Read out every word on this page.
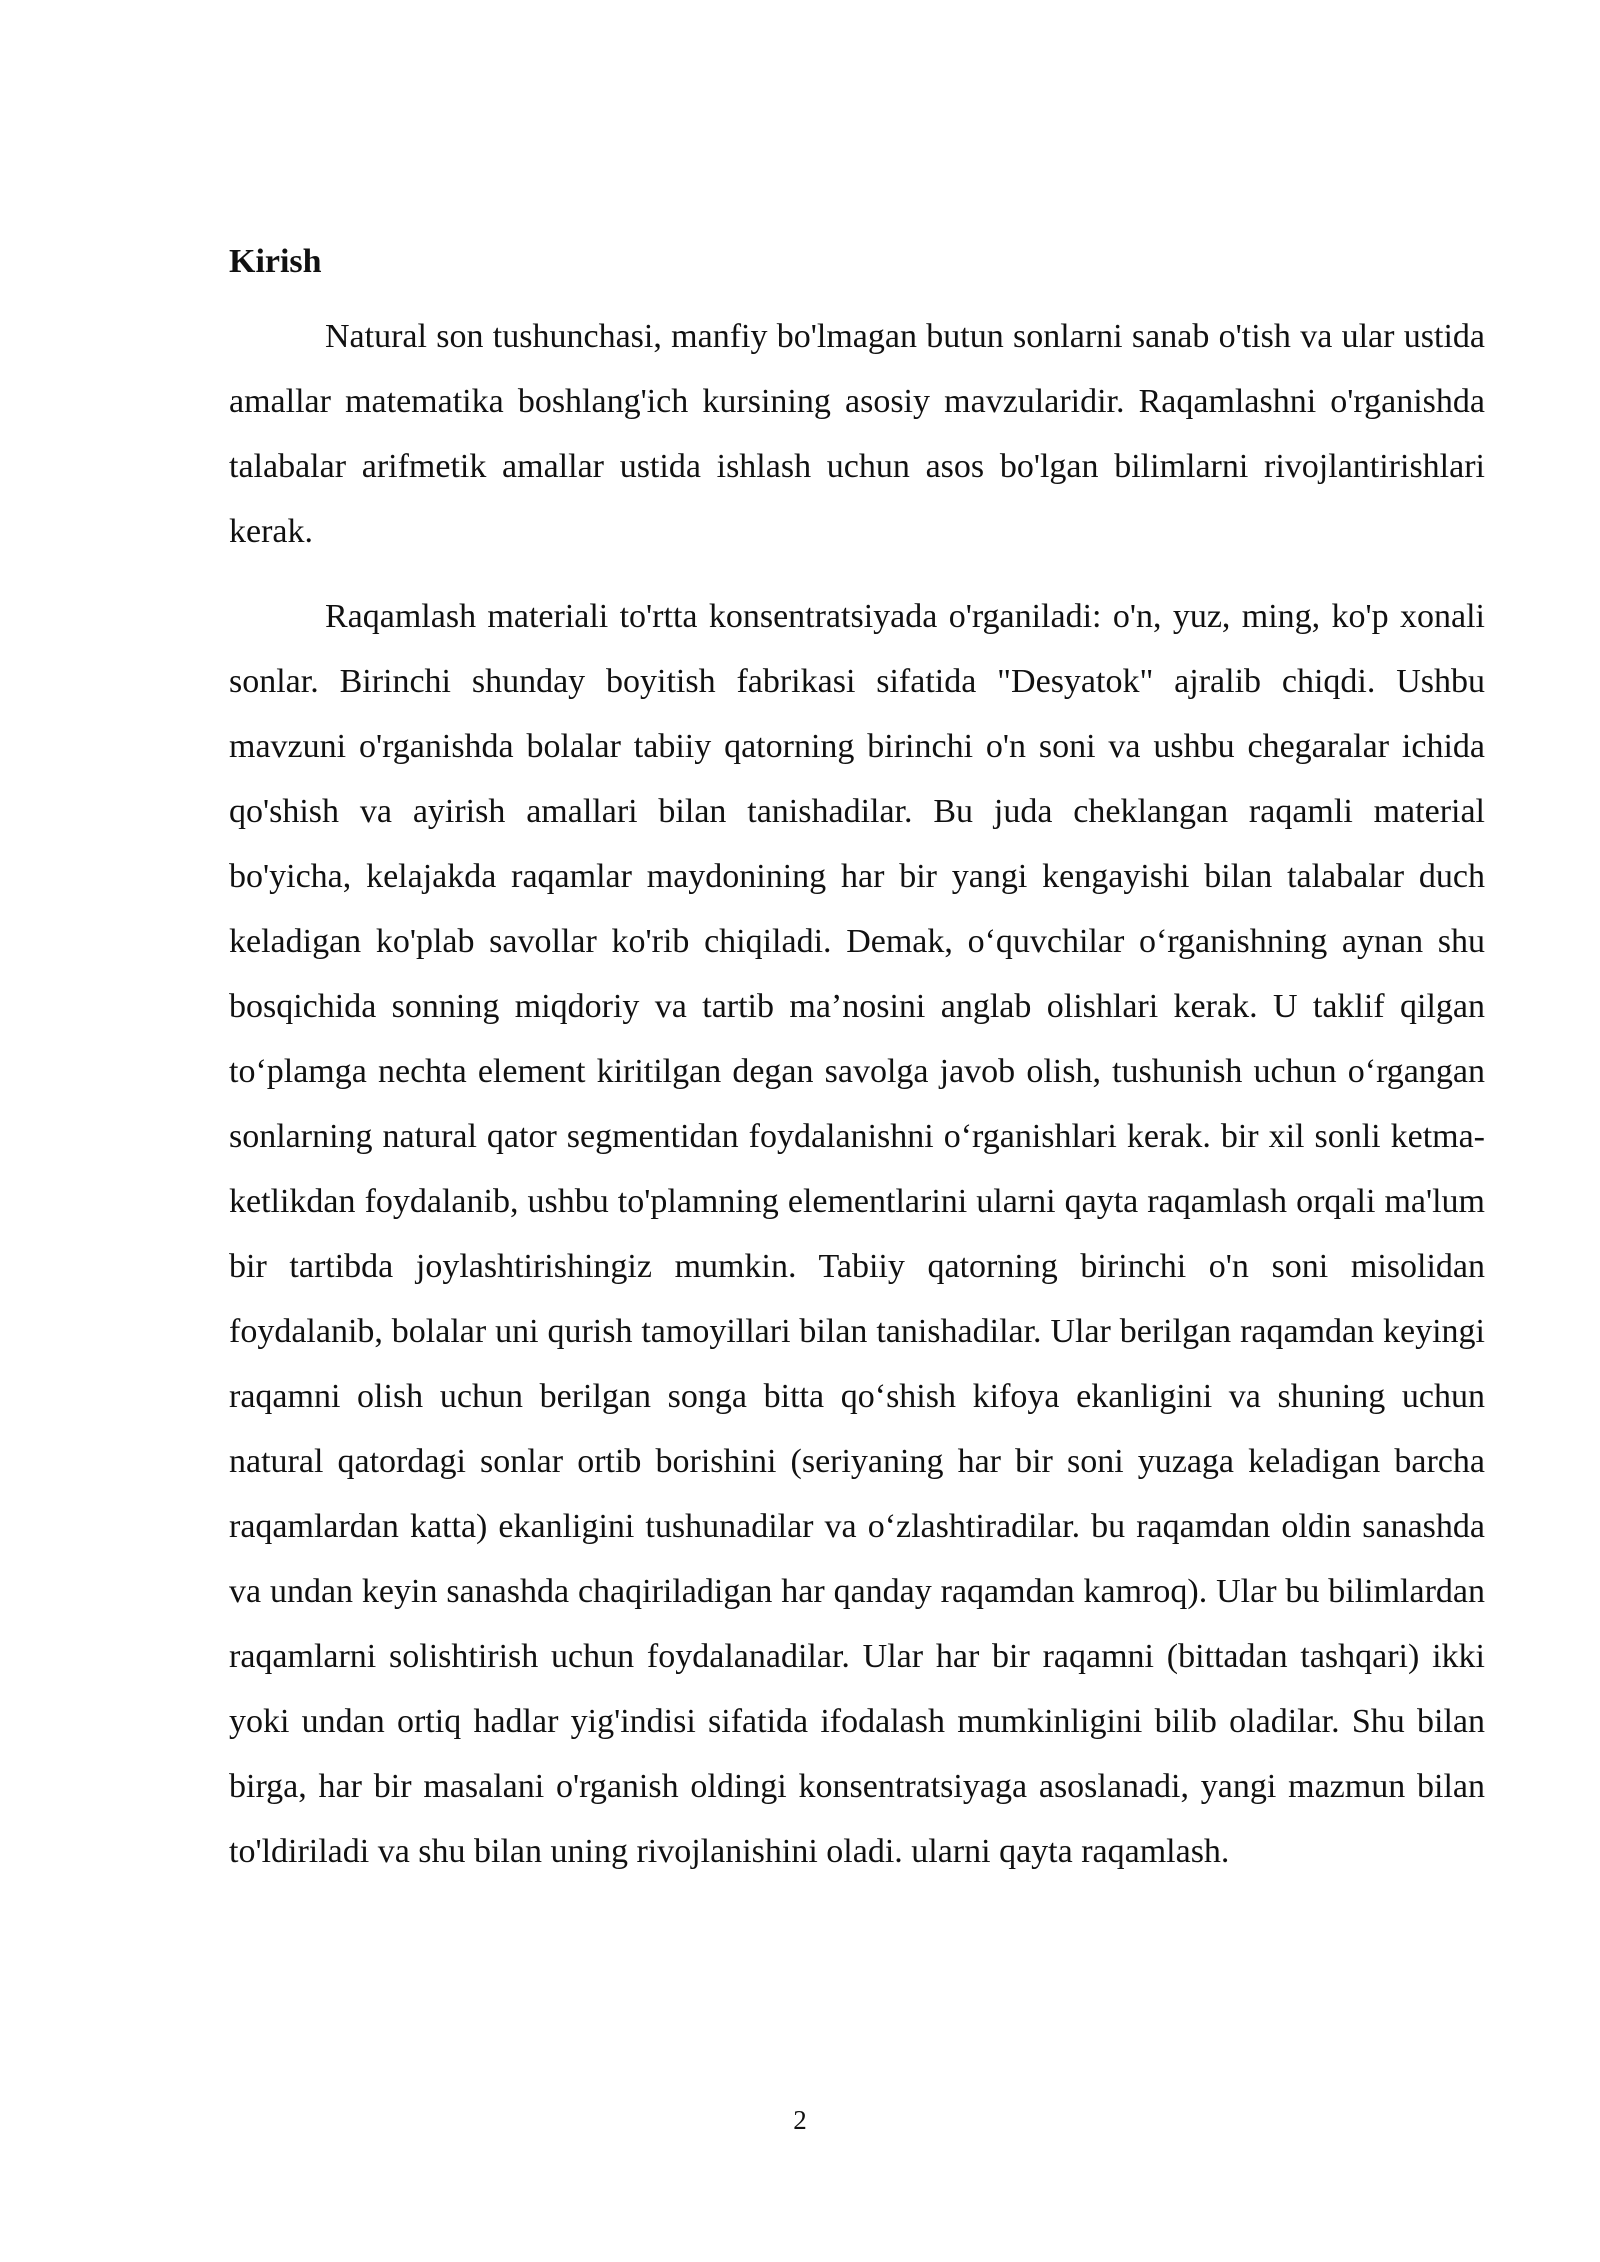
Kirish

Natural son tushunchasi, manfiy bo'lmagan butun sonlarni sanab o'tish va ular ustida amallar matematika boshlang'ich kursining asosiy mavzularidir. Raqamlashni o'rganishda talabalar arifmetik amallar ustida ishlash uchun asos bo'lgan bilimlarni rivojlantirishlari kerak.

Raqamlash materiali to'rtta konsentratsiyada o'rganiladi: o'n, yuz, ming, ko'p xonali sonlar. Birinchi shunday boyitish fabrikasi sifatida "Desyatok" ajralib chiqdi. Ushbu mavzuni o'rganishda bolalar tabiiy qatorning birinchi o'n soni va ushbu chegaralar ichida qo'shish va ayirish amallari bilan tanishadilar. Bu juda cheklangan raqamli material bo'yicha, kelajakda raqamlar maydonining har bir yangi kengayishi bilan talabalar duch keladigan ko'plab savollar ko'rib chiqiladi. Demak, o‘quvchilar o‘rganishning aynan shu bosqichida sonning miqdoriy va tartib ma’nosini anglab olishlari kerak. U taklif qilgan to‘plamga nechta element kiritilgan degan savolga javob olish, tushunish uchun o‘rgangan sonlarning natural qator segmentidan foydalanishni o‘rganishlari kerak. bir xil sonli ketma-ketlikdan foydalanib, ushbu to'plamning elementlarini ularni qayta raqamlash orqali ma'lum bir tartibda joylashtirishingiz mumkin. Tabiiy qatorning birinchi o'n soni misolidan foydalanib, bolalar uni qurish tamoyillari bilan tanishadilar. Ular berilgan raqamdan keyingi raqamni olish uchun berilgan songa bitta qo‘shish kifoya ekanligini va shuning uchun natural qatordagi sonlar ortib borishini (seriyaning har bir soni yuzaga keladigan barcha raqamlardan katta) ekanligini tushunadilar va o‘zlashtiradilar. bu raqamdan oldin sanashda va undan keyin sanashda chaqiriladigan har qanday raqamdan kamroq). Ular bu bilimlardan raqamlarni solishtirish uchun foydalanadilar. Ular har bir raqamni (bittadan tashqari) ikki yoki undan ortiq hadlar yig'indisi sifatida ifodalash mumkinligini bilib oladilar. Shu bilan birga, har bir masalani o'rganish oldingi konsentratsiyaga asoslanadi, yangi mazmun bilan to'ldiriladi va shu bilan uning rivojlanishini oladi. ularni qayta raqamlash.

2
